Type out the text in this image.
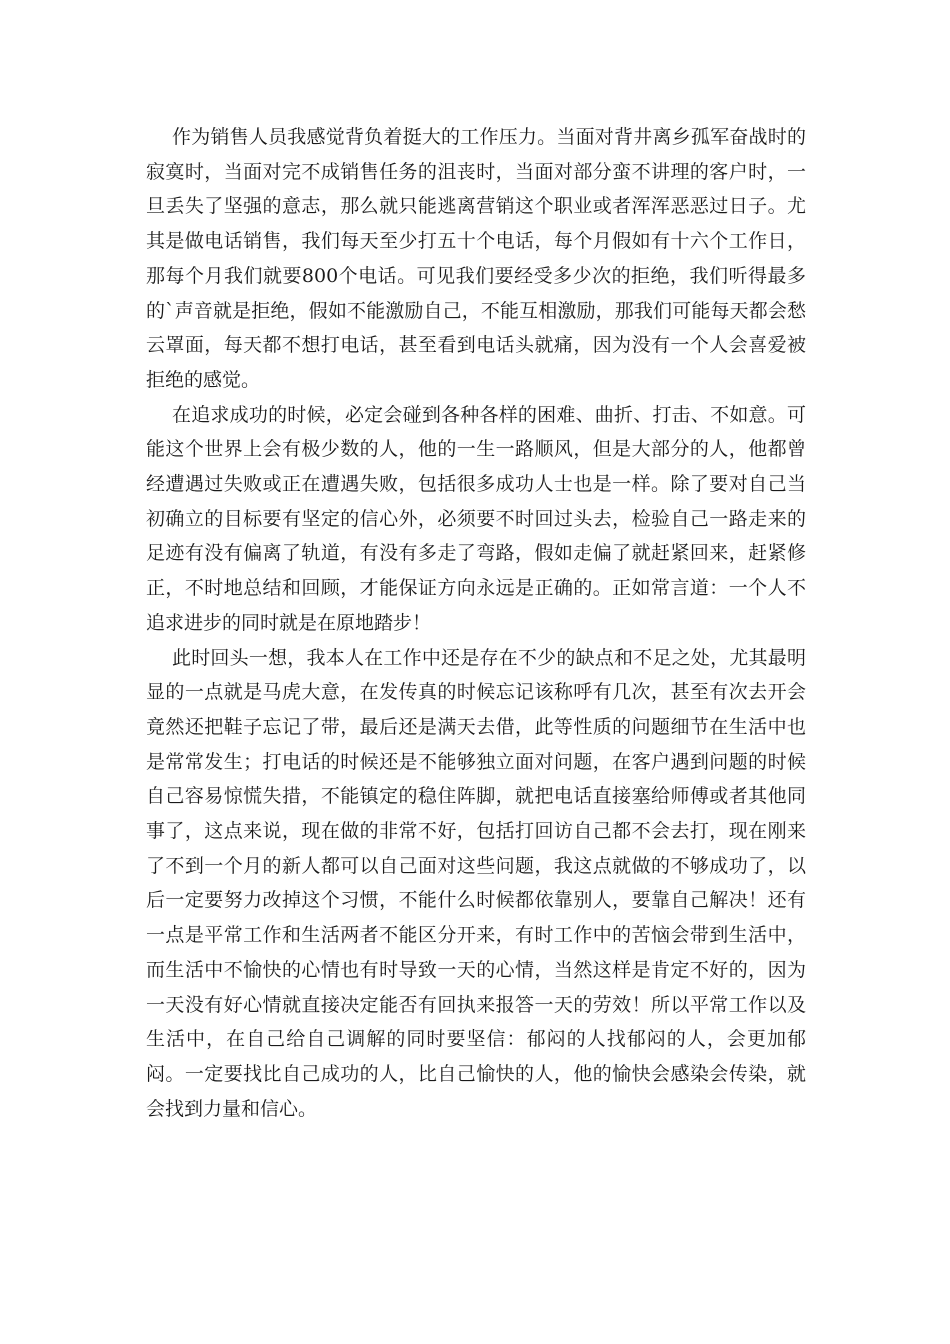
作为销售人员我感觉背负着挺大的工作压力。当面对背井离乡孤军奋战时的寂寞时，当面对完不成销售任务的沮丧时，当面对部分蛮不讲理的客户时，一旦丢失了坚强的意志，那么就只能逃离营销这个职业或者浑浑恶恶过日子。尤其是做电话销售，我们每天至少打五十个电话，每个月假如有十六个工作日，那每个月我们就要800个电话。可见我们要经受多少次的拒绝，我们听得最多的`声音就是拒绝，假如不能激励自己，不能互相激励，那我们可能每天都会愁云罩面，每天都不想打电话，甚至看到电话头就痛，因为没有一个人会喜爱被拒绝的感觉。

在追求成功的时候，必定会碰到各种各样的困难、曲折、打击、不如意。可能这个世界上会有极少数的人，他的一生一路顺风，但是大部分的人，他都曾经遭遇过失败或正在遭遇失败，包括很多成功人士也是一样。除了要对自己当初确立的目标要有坚定的信心外，必须要不时回过头去，检验自己一路走来的足迹有没有偏离了轨道，有没有多走了弯路，假如走偏了就赶紧回来，赶紧修正，不时地总结和回顾，才能保证方向永远是正确的。正如常言道：一个人不追求进步的同时就是在原地踏步！

此时回头一想，我本人在工作中还是存在不少的缺点和不足之处，尤其最明显的一点就是马虎大意，在发传真的时候忘记该称呼有几次，甚至有次去开会竟然还把鞋子忘记了带，最后还是满天去借，此等性质的问题细节在生活中也是常常发生；打电话的时候还是不能够独立面对问题，在客户遇到问题的时候自己容易惊慌失措，不能镇定的稳住阵脚，就把电话直接塞给师傅或者其他同事了，这点来说，现在做的非常不好，包括打回访自己都不会去打，现在刚来了不到一个月的新人都可以自己面对这些问题，我这点就做的不够成功了，以后一定要努力改掉这个习惯，不能什么时候都依靠别人，要靠自己解决！还有一点是平常工作和生活两者不能区分开来，有时工作中的苦恼会带到生活中，而生活中不愉快的心情也有时导致一天的心情，当然这样是肯定不好的，因为一天没有好心情就直接决定能否有回执来报答一天的劳效！所以平常工作以及生活中，在自己给自己调解的同时要坚信：郁闷的人找郁闷的人，会更加郁闷。一定要找比自己成功的人，比自己愉快的人，他的愉快会感染会传染，就会找到力量和信心。
